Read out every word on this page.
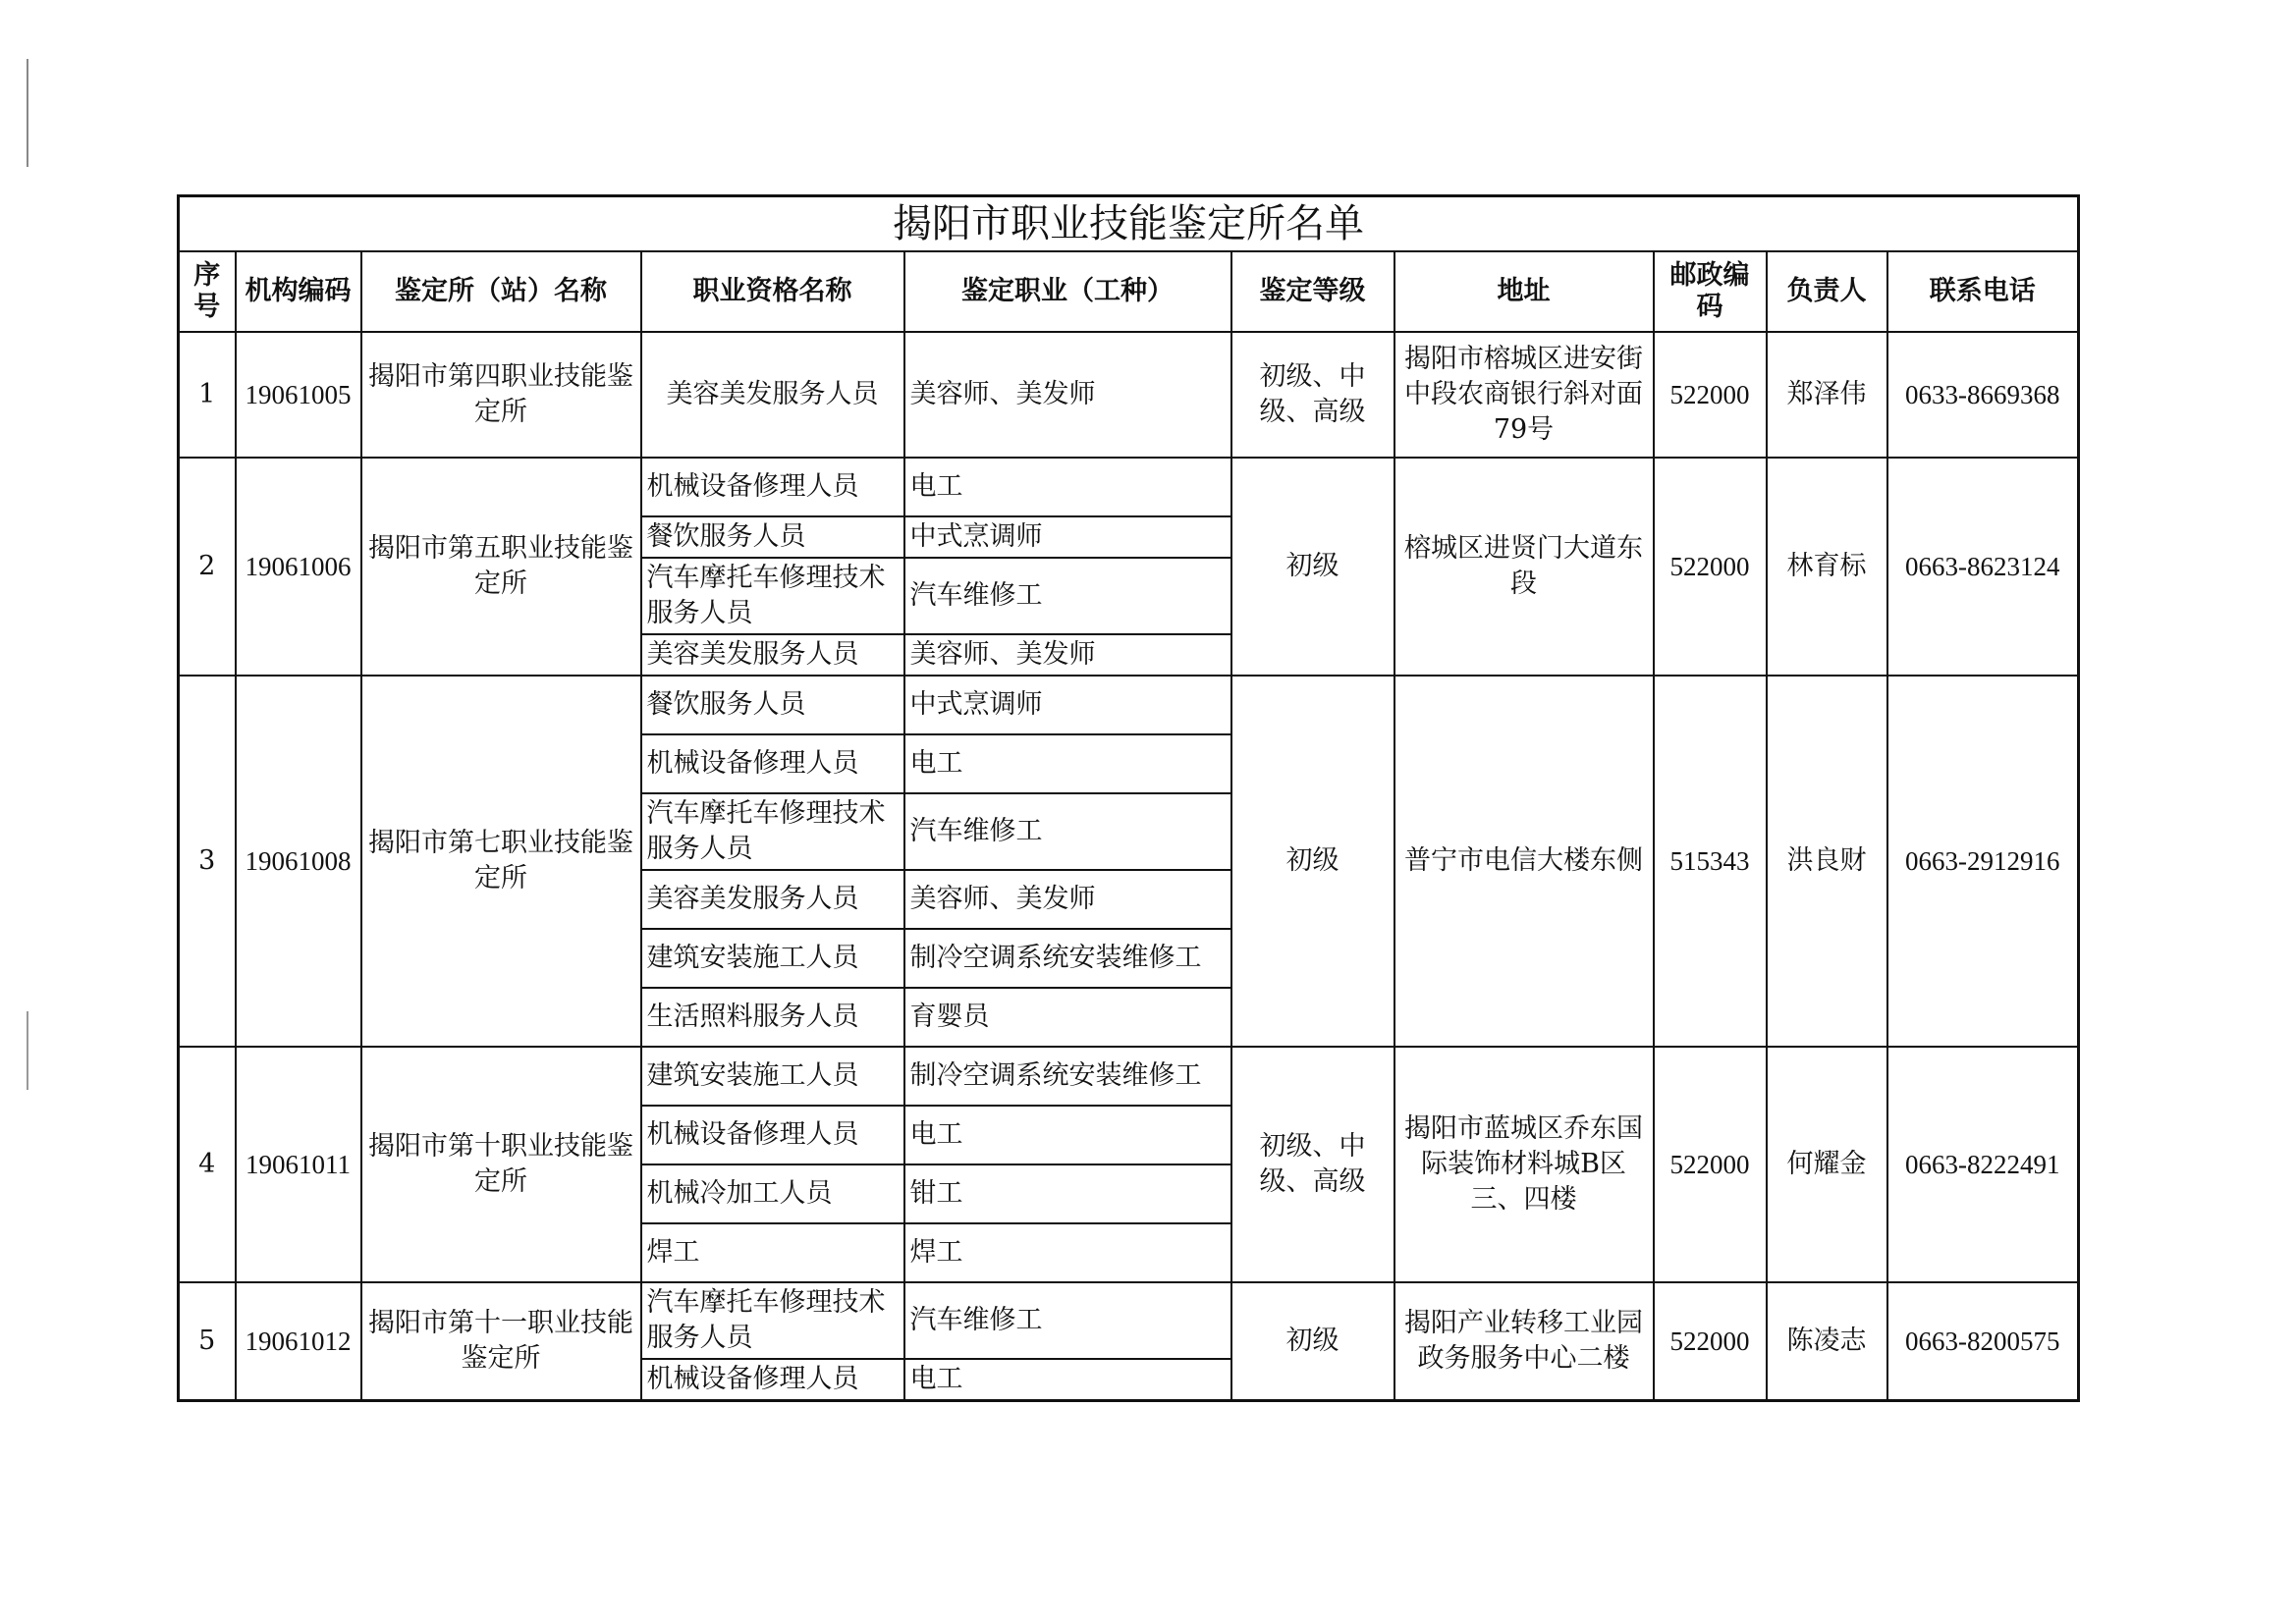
揭阳市职业技能鉴定所名单									
序号	机构编码	鉴定所（站）名称	职业资格名称	鉴定职业（工种）	鉴定等级	地址	邮政编码	负责人	联系电话
1	19061005	揭阳市第四职业技能鉴定所	美容美发服务人员	美容师、美发师	初级、中级、高级	揭阳市榕城区进安街中段农商银行斜对面79号	522000	郑泽伟	0633-8669368
2	19061006	揭阳市第五职业技能鉴定所	机械设备修理人员	电工	初级	榕城区进贤门大道东段	522000	林育标	0663-8623124
			餐饮服务人员	中式烹调师					
			汽车摩托车修理技术服务人员	汽车维修工					
			美容美发服务人员	美容师、美发师					
3	19061008	揭阳市第七职业技能鉴定所	餐饮服务人员	中式烹调师	初级	普宁市电信大楼东侧	515343	洪良财	0663-2912916
			机械设备修理人员	电工					
			汽车摩托车修理技术服务人员	汽车维修工					
			美容美发服务人员	美容师、美发师					
			建筑安装施工人员	制冷空调系统安装维修工					
			生活照料服务人员	育婴员					
4	19061011	揭阳市第十职业技能鉴定所	建筑安装施工人员	制冷空调系统安装维修工	初级、中级、高级	揭阳市蓝城区乔东国际装饰材料城B区三、四楼	522000	何耀金	0663-8222491
			机械设备修理人员	电工					
			机械冷加工人员	钳工					
			焊工	焊工					
5	19061012	揭阳市第十一职业技能鉴定所	汽车摩托车修理技术服务人员	汽车维修工	初级	揭阳产业转移工业园政务服务中心二楼	522000	陈凌志	0663-8200575
			机械设备修理人员	电工					
